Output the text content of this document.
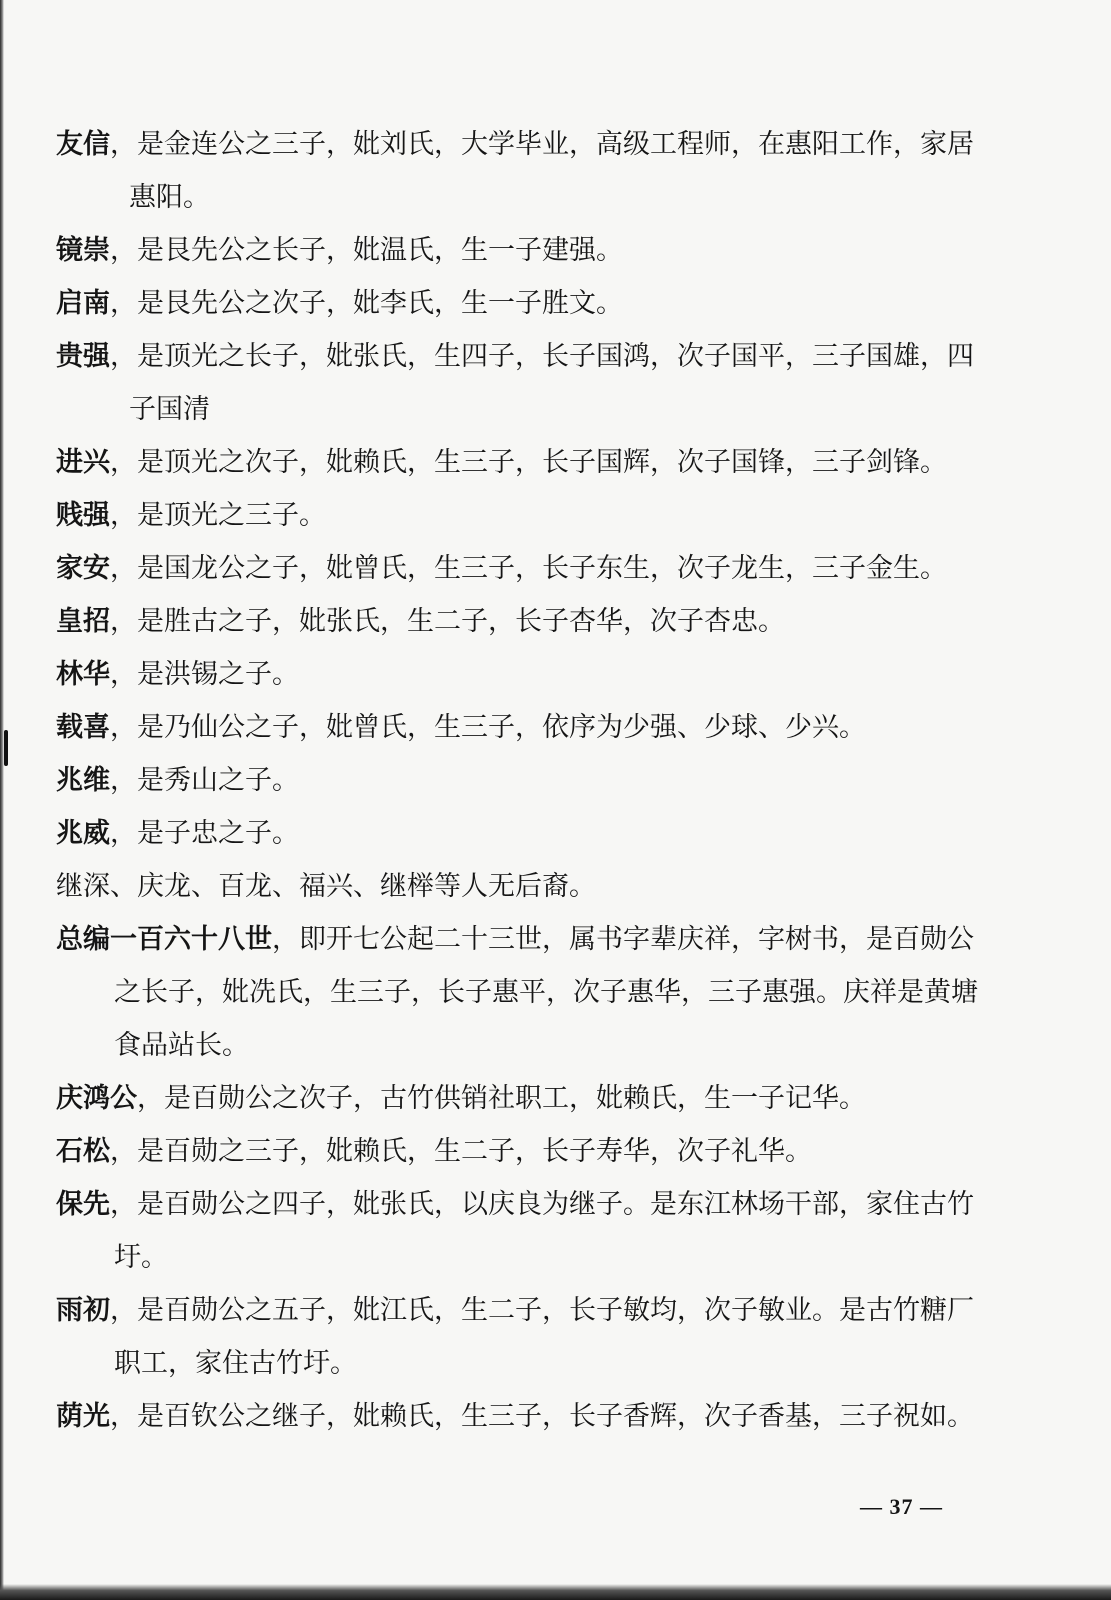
友信，是金连公之三子，妣刘氏，大学毕业，高级工程师，在惠阳工作，家居惠阳。
镜崇，是艮先公之长子，妣温氏，生一子建强。
启南，是艮先公之次子，妣李氏，生一子胜文。
贵强，是顶光之长子，妣张氏，生四子，长子国鸿，次子国平，三子国雄，四子国清
进兴，是顶光之次子，妣赖氏，生三子，长子国辉，次子国锋，三子剑锋。
贱强，是顶光之三子。
家安，是国龙公之子，妣曾氏，生三子，长子东生，次子龙生，三子金生。
皇招，是胜古之子，妣张氏，生二子，长子杏华，次子杏忠。
林华，是洪锡之子。
载喜，是乃仙公之子，妣曾氏，生三子，依序为少强、少球、少兴。
兆维，是秀山之子。
兆威，是子忠之子。
继深、庆龙、百龙、福兴、继榉等人无后裔。
总编一百六十八世，即开七公起二十三世，属书字辈庆祥，字树书，是百勋公之长子，妣冼氏，生三子，长子惠平，次子惠华，三子惠强。庆祥是黄塘食品站长。
庆鸿公，是百勋公之次子，古竹供销社职工，妣赖氏，生一子记华。
石松，是百勋之三子，妣赖氏，生二子，长子寿华，次子礼华。
保先，是百勋公之四子，妣张氏，以庆良为继子。是东江林场干部，家住古竹圩。
雨初，是百勋公之五子，妣江氏，生二子，长子敏均，次子敏业。是古竹糖厂职工，家住古竹圩。
荫光，是百钦公之继子，妣赖氏，生三子，长子香辉，次子香基，三子祝如。
— 37 —
